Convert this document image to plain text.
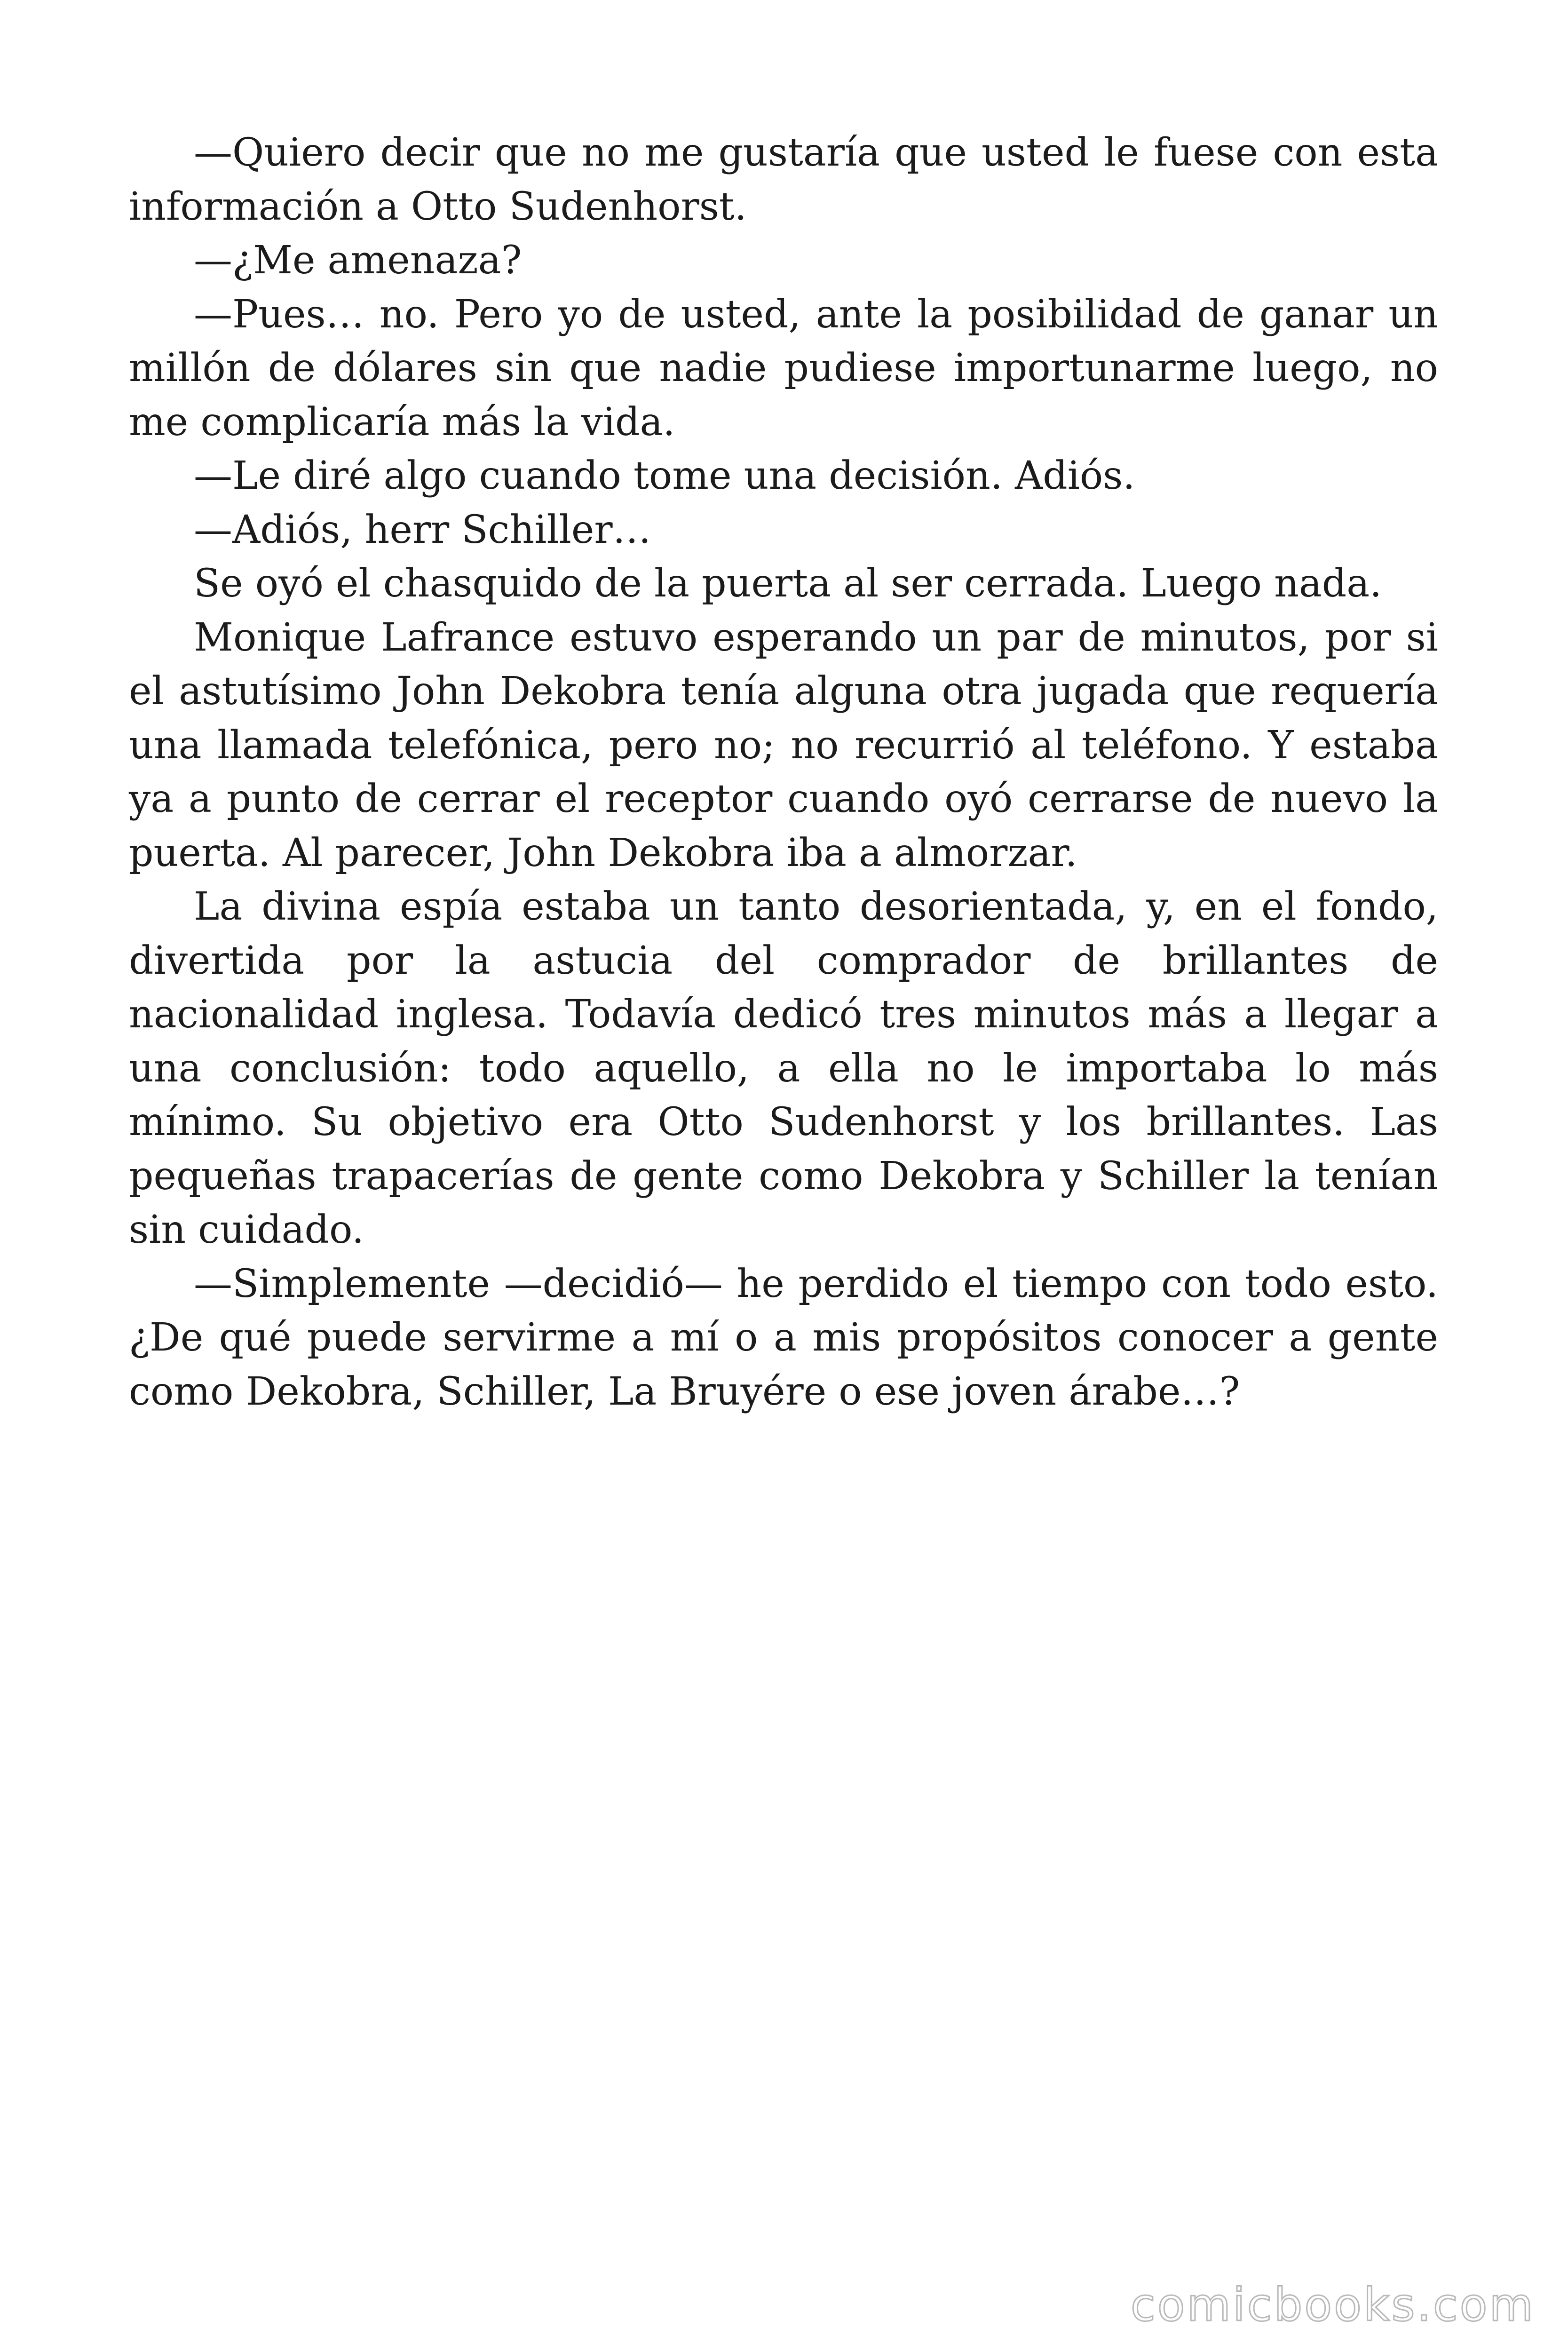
—Quiero decir que no me gustaría que usted le fuese con esta información a Otto Sudenhorst.

—¿Me amenaza?

—Pues… no. Pero yo de usted, ante la posibilidad de ganar un millón de dólares sin que nadie pudiese importunarme luego, no me complicaría más la vida.

—Le diré algo cuando tome una decisión. Adiós.

—Adiós, herr Schiller…

Se oyó el chasquido de la puerta al ser cerrada. Luego nada.

Monique Lafrance estuvo esperando un par de minutos, por si el astutísimo John Dekobra tenía alguna otra jugada que requería una llamada telefónica, pero no; no recurrió al teléfono. Y estaba ya a punto de cerrar el receptor cuando oyó cerrarse de nuevo la puerta. Al parecer, John Dekobra iba a almorzar.

La divina espía estaba un tanto desorientada, y, en el fondo, divertida por la astucia del comprador de brillantes de nacionalidad inglesa. Todavía dedicó tres minutos más a llegar a una conclusión: todo aquello, a ella no le importaba lo más mínimo. Su objetivo era Otto Sudenhorst y los brillantes. Las pequeñas trapacerías de gente como Dekobra y Schiller la tenían sin cuidado.

—Simplemente —decidió— he perdido el tiempo con todo esto. ¿De qué puede servirme a mí o a mis propósitos conocer a gente como Dekobra, Schiller, La Bruyére o ese joven árabe…?

comicbooks.com
